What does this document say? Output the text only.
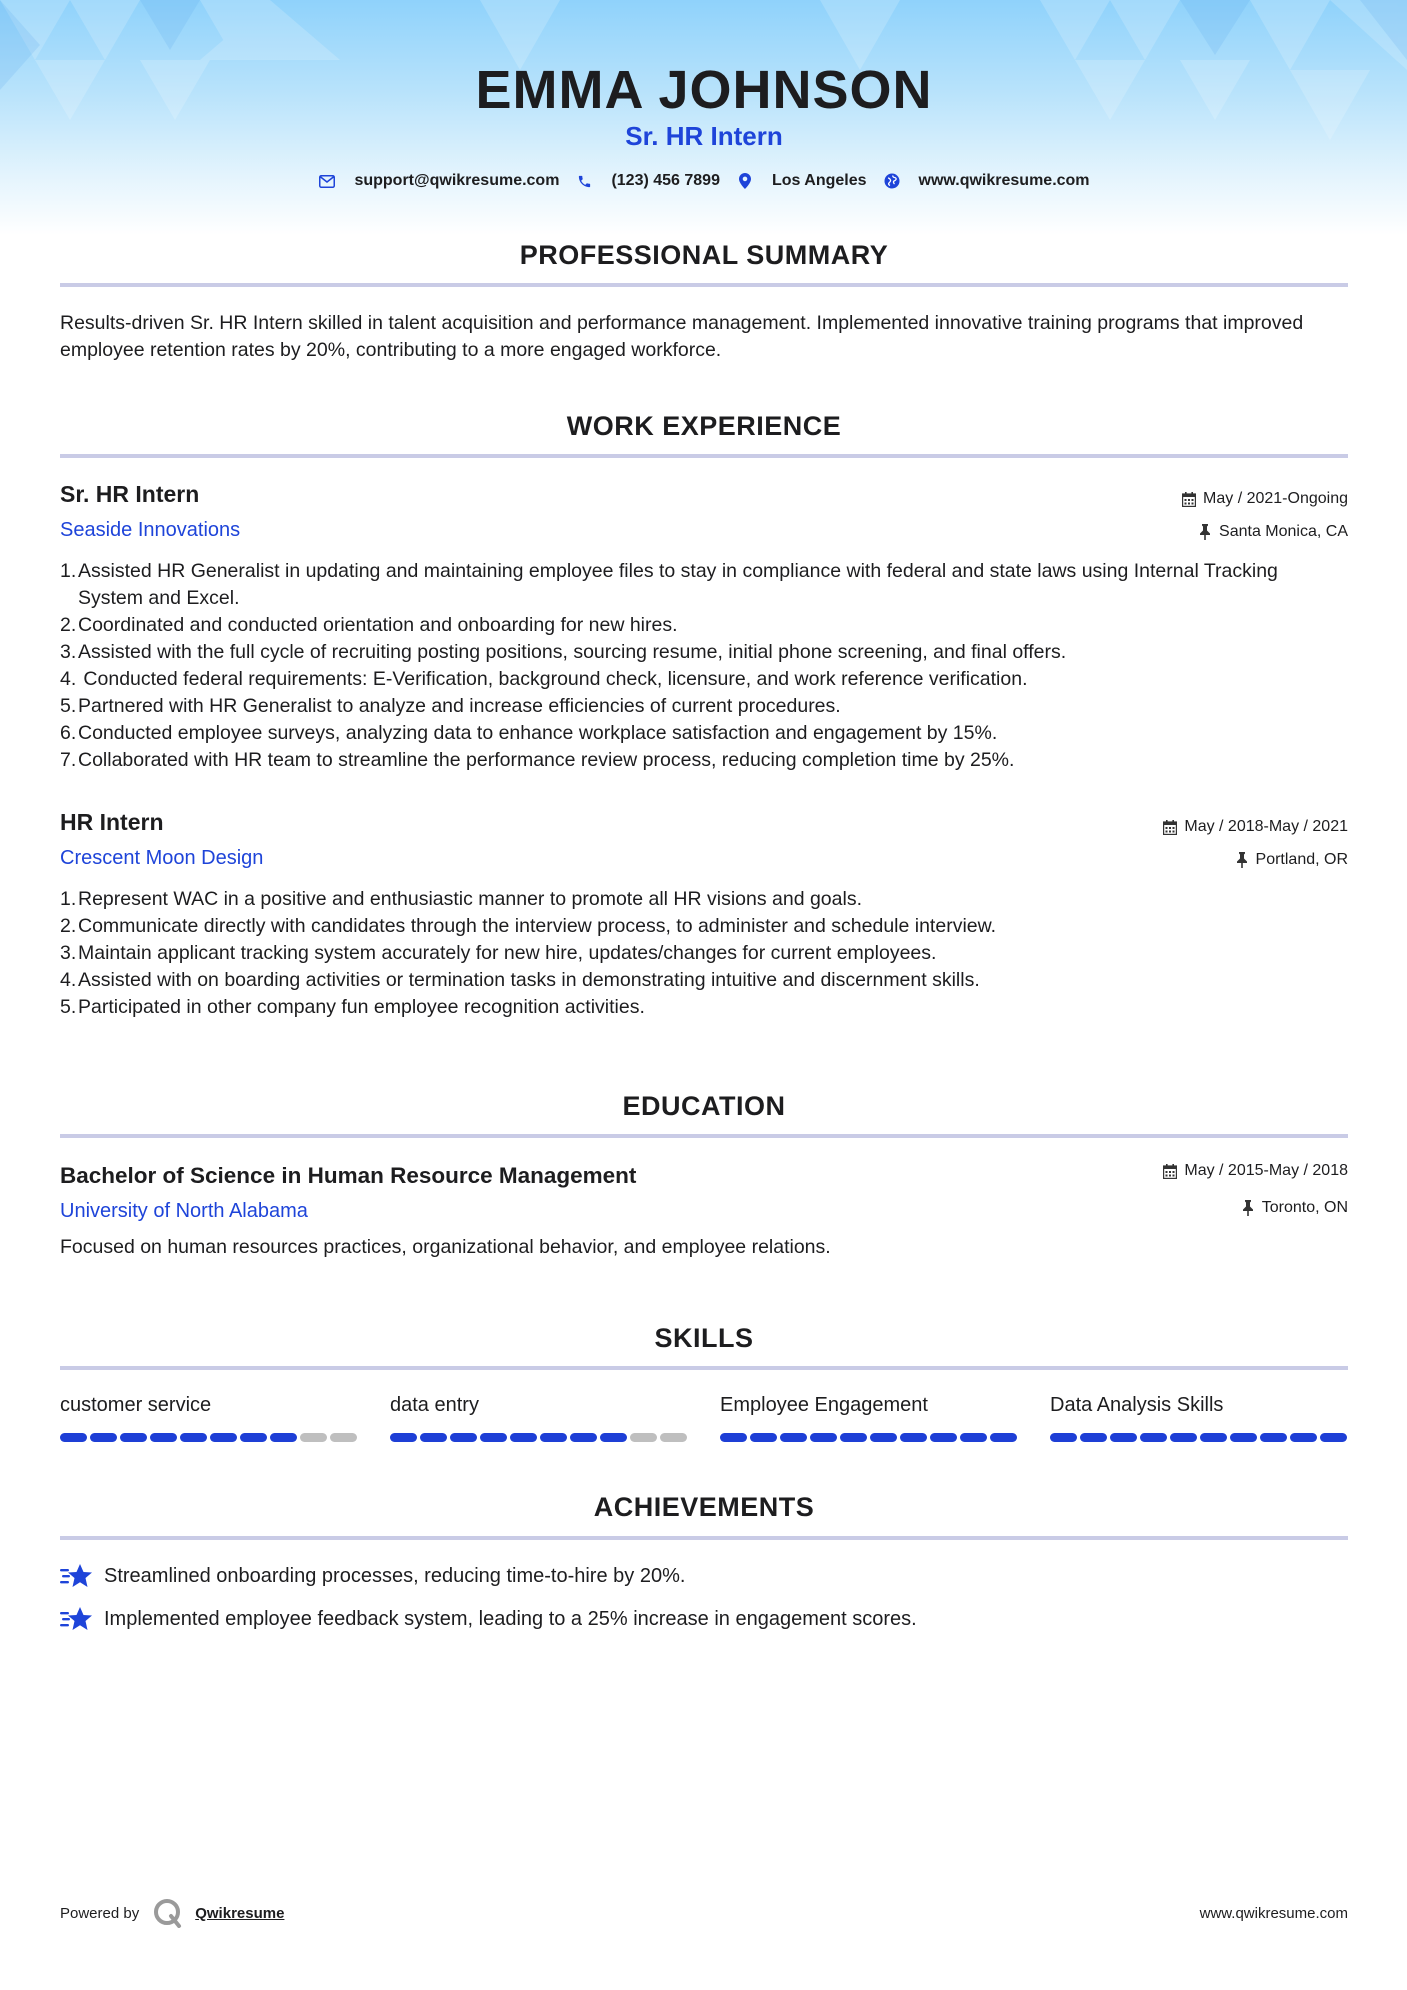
EMMA JOHNSON
Sr. HR Intern
support@qwikresume.com	(123) 456 7899	Los Angeles	www.qwikresume.com
PROFESSIONAL SUMMARY
Results-driven Sr. HR Intern skilled in talent acquisition and performance management. Implemented innovative training programs that improved employee retention rates by 20%, contributing to a more engaged workforce.
WORK EXPERIENCE
Sr. HR Intern	May / 2021-Ongoing
Seaside Innovations	Santa Monica, CA
1. Assisted HR Generalist in updating and maintaining employee files to stay in compliance with federal and state laws using Internal Tracking System and Excel.
2. Coordinated and conducted orientation and onboarding for new hires.
3. Assisted with the full cycle of recruiting posting positions, sourcing resume, initial phone screening, and final offers.
4. Conducted federal requirements: E-Verification, background check, licensure, and work reference verification.
5. Partnered with HR Generalist to analyze and increase efficiencies of current procedures.
6. Conducted employee surveys, analyzing data to enhance workplace satisfaction and engagement by 15%.
7. Collaborated with HR team to streamline the performance review process, reducing completion time by 25%.
HR Intern	May / 2018-May / 2021
Crescent Moon Design	Portland, OR
1. Represent WAC in a positive and enthusiastic manner to promote all HR visions and goals.
2. Communicate directly with candidates through the interview process, to administer and schedule interview.
3. Maintain applicant tracking system accurately for new hire, updates/changes for current employees.
4. Assisted with on boarding activities or termination tasks in demonstrating intuitive and discernment skills.
5. Participated in other company fun employee recognition activities.
EDUCATION
Bachelor of Science in Human Resource Management	May / 2015-May / 2018
University of North Alabama	Toronto, ON
Focused on human resources practices, organizational behavior, and employee relations.
SKILLS
customer service	data entry	Employee Engagement	Data Analysis Skills
ACHIEVEMENTS
Streamlined onboarding processes, reducing time-to-hire by 20%.
Implemented employee feedback system, leading to a 25% increase in engagement scores.
Powered by	Qwikresume	www.qwikresume.com
